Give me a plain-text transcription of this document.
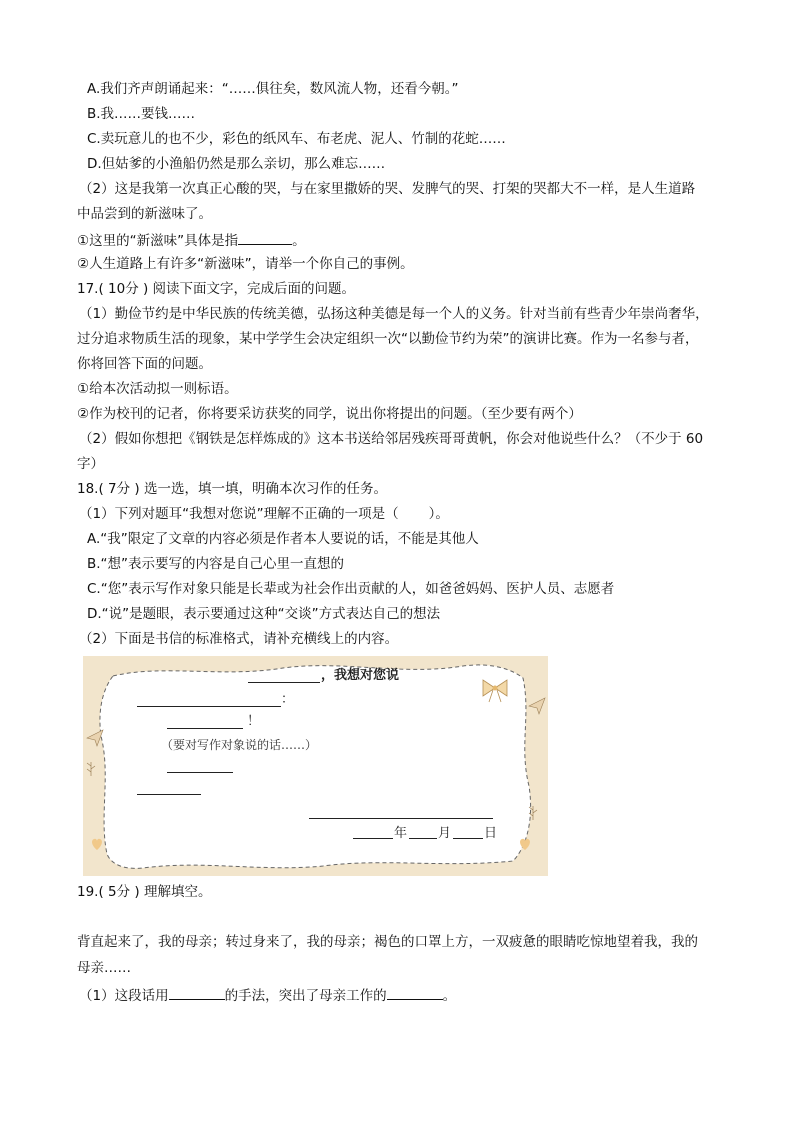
A.我们齐声朗诵起来：“……俱往矣，数风流人物，还看今朝。”
B.我……要钱……
C.卖玩意儿的也不少，彩色的纸风车、布老虎、泥人、竹制的花蛇……
D.但姑爹的小渔船仍然是那么亲切，那么难忘……
（2）这是我第一次真正心酸的哭，与在家里撒娇的哭、发脾气的哭、打架的哭都大不一样，是人生道路
中品尝到的新滋味了。
①这里的“新滋味”具体是指	。
②人生道路上有许多“新滋味”，请举一个你自己的事例。
17.( 10分 ) 阅读下面文字，完成后面的问题。
（1）勤俭节约是中华民族的传统美德，弘扬这种美德是每一个人的义务。针对当前有些青少年崇尚奢华，
过分追求物质生活的现象，某中学学生会决定组织一次“以勤俭节约为荣”的演讲比赛。作为一名参与者，
你将回答下面的问题。
①给本次活动拟一则标语。
②作为校刊的记者，你将要采访获奖的同学，说出你将提出的问题。（至少要有两个）
（2）假如你想把《钢铁是怎样炼成的》这本书送给邻居残疾哥哥黄帆，你会对他说些什么？（不少于 60
字）
18.( 7分 ) 选一选，填一填，明确本次习作的任务。
（1）下列对题耳“我想对您说”理解不正确的一项是（ ）。
A.“我”限定了文章的内容必须是作者本人要说的话，不能是其他人
B.“想”表示要写的内容是自己心里一直想的
C.“您”表示写作对象只能是长辈或为社会作出贡献的人，如爸爸妈妈、医护人员、志愿者
D.“说”是题眼，表示要通过这种“交谈”方式表达自己的想法
（2）下面是书信的标准格式，请补充横线上的内容。
，我想对您说
：
！
（要对写作对象说的话……）
年 月	日
19.( 5分 ) 理解填空。
背直起来了，我的母亲；转过身来了，我的母亲；褐色的口罩上方，一双疲惫的眼睛吃惊地望着我，我的
母亲……
（1）这段话用	的手法，突出了母亲工作的	。
